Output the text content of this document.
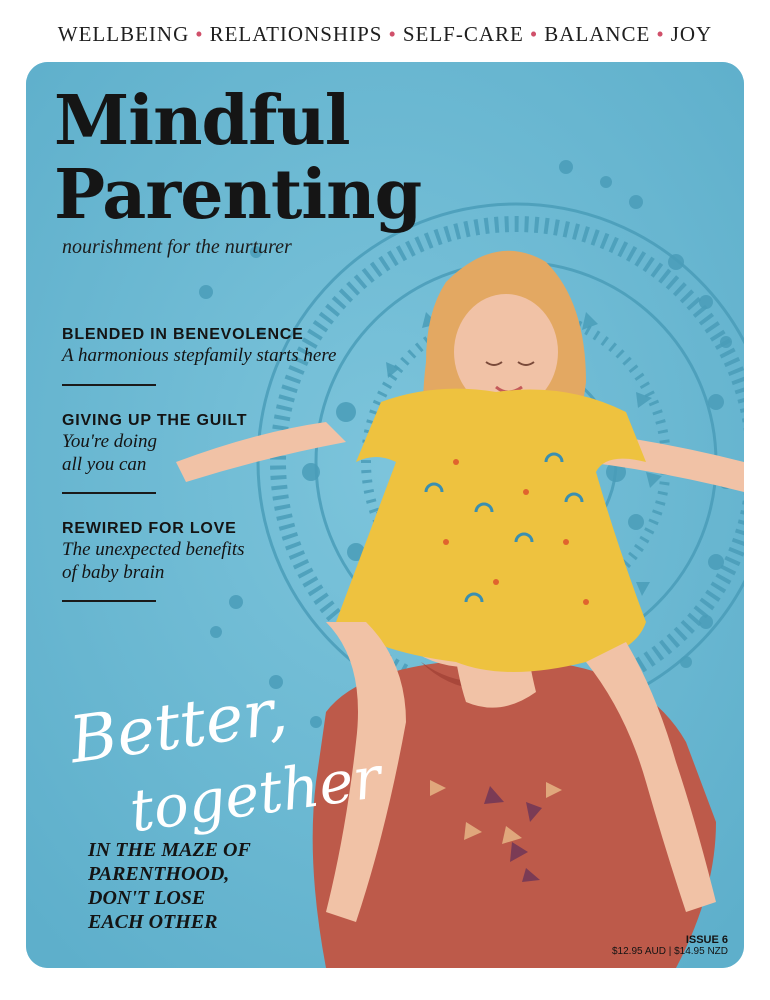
WELLBEING • RELATIONSHIPS • SELF-CARE • BALANCE • JOY
Mindful
Parenting
nourishment for the nurturer
BLENDED IN BENEVOLENCE
A harmonious stepfamily starts here
GIVING UP THE GUILT
You're doing
all you can
REWIRED FOR LOVE
The unexpected benefits
of baby brain
Better,
together
IN THE MAZE OF
PARENTHOOD,
DON'T LOSE
EACH OTHER
ISSUE 6
$12.95 AUD | $14.95 NZD
